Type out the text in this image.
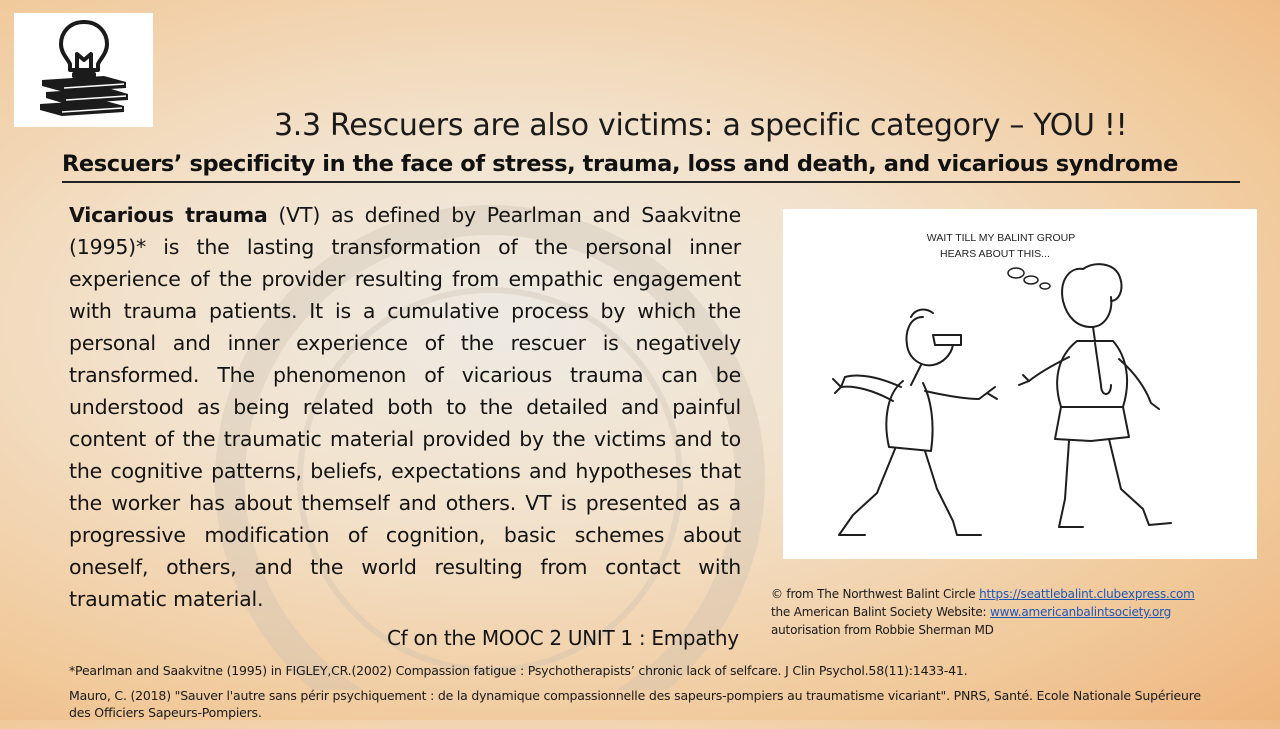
3.3 Rescuers are also victims: a specific category – YOU !!
Rescuers’ specificity in the face of stress, trauma, loss and death, and vicarious syndrome

Vicarious trauma (VT) as defined by Pearlman and Saakvitne (1995)* is the lasting transformation of the personal inner experience of the provider resulting from empathic engagement with trauma patients. It is a cumulative process by which the personal and inner experience of the rescuer is negatively transformed. The phenomenon of vicarious trauma can be understood as being related both to the detailed and painful content of the traumatic material provided by the victims and to the cognitive patterns, beliefs, expectations and hypotheses that the worker has about themself and others. VT is presented as a progressive modification of cognition, basic schemes about oneself, others, and the world resulting from contact with traumatic material.

Cf on the MOOC 2 UNIT 1 : Empathy

WAIT TILL MY BALINT GROUP
HEARS ABOUT THIS...
© from The Northwest Balint Circle https://seattlebalint.clubexpress.com
the American Balint Society Website: www.americanbalintsociety.org
autorisation from Robbie Sherman MD

*Pearlman and Saakvitne (1995) in FIGLEY,CR.(2002) Compassion fatigue : Psychotherapists’ chronic lack of selfcare. J Clin Psychol.58(11):1433-41.

Mauro, C. (2018) "Sauver l'autre sans périr psychiquement : de la dynamique compassionnelle des sapeurs-pompiers au traumatisme vicariant". PNRS, Santé. Ecole Nationale Supérieure des Officiers Sapeurs-Pompiers.
